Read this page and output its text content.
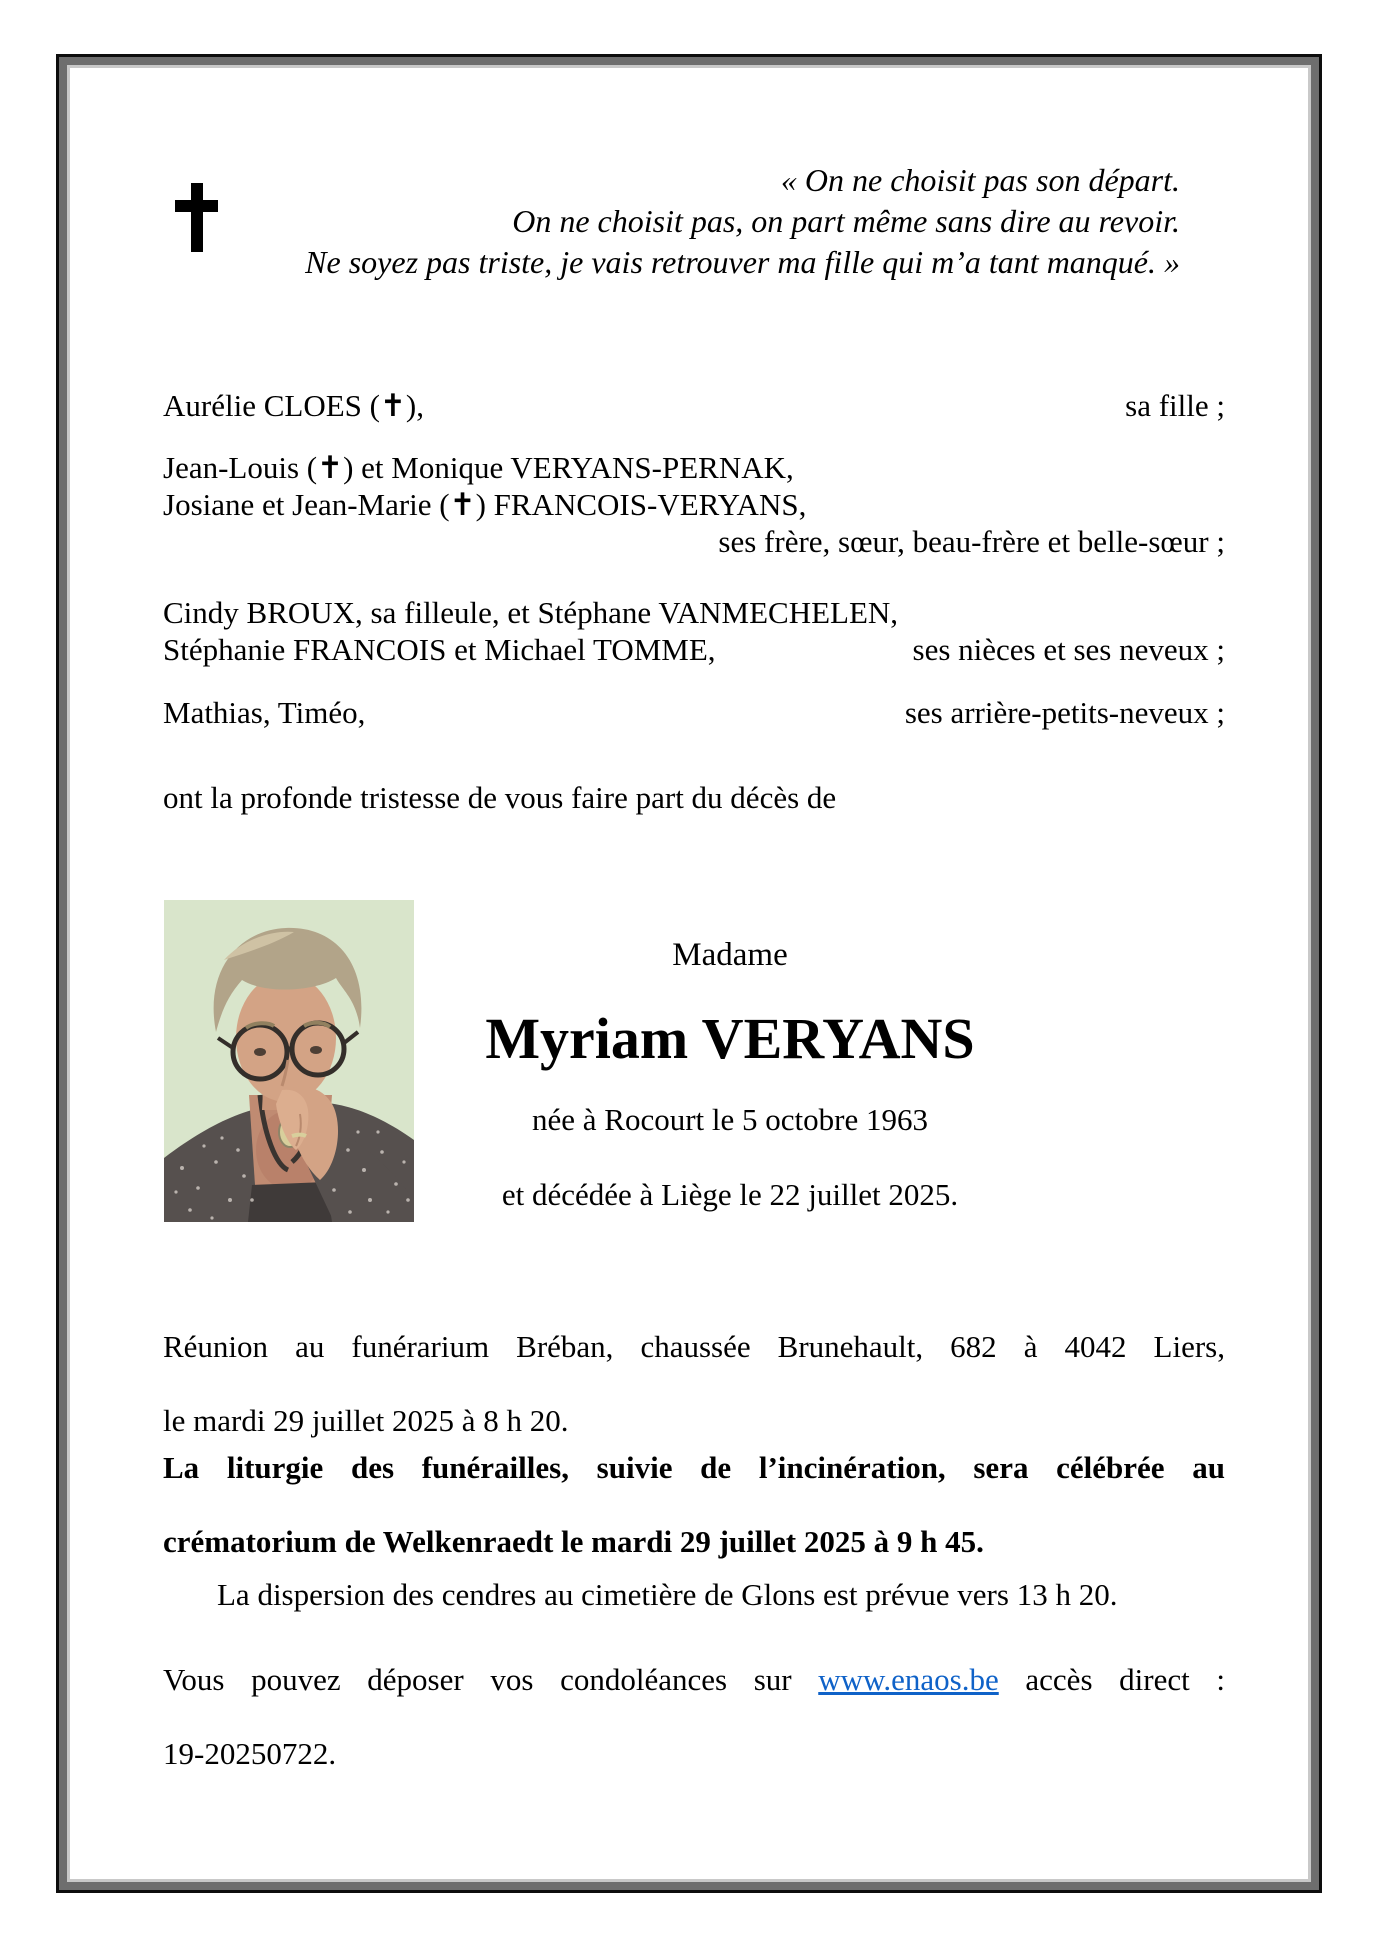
« On ne choisit pas son départ.
On ne choisit pas, on part même sans dire au revoir.
Ne soyez pas triste, je vais retrouver ma fille qui m’a tant manqué. »
Aurélie CLOES (✝),	sa fille ;
Jean-Louis (✝) et Monique VERYANS-PERNAK,
Josiane et Jean-Marie (✝) FRANCOIS-VERYANS,
ses frère, sœur, beau-frère et belle-sœur ;
Cindy BROUX, sa filleule, et Stéphane VANMECHELEN,
Stéphanie FRANCOIS et Michael TOMME,	ses nièces et ses neveux ;
Mathias, Timéo,	ses arrière-petits-neveux ;
ont la profonde tristesse de vous faire part du décès de
Madame
Myriam VERYANS
née à Rocourt le 5 octobre 1963
et décédée à Liège le 22 juillet 2025.
Réunion au funérarium Bréban, chaussée Brunehault, 682 à 4042 Liers,
le mardi 29 juillet 2025 à 8 h 20.
La liturgie des funérailles, suivie de l’incinération, sera célébrée au
crématorium de Welkenraedt le mardi 29 juillet 2025 à 9 h 45.
La dispersion des cendres au cimetière de Glons est prévue vers 13 h 20.
Vous pouvez déposer vos condoléances sur www.enaos.be accès direct :
19-20250722.
